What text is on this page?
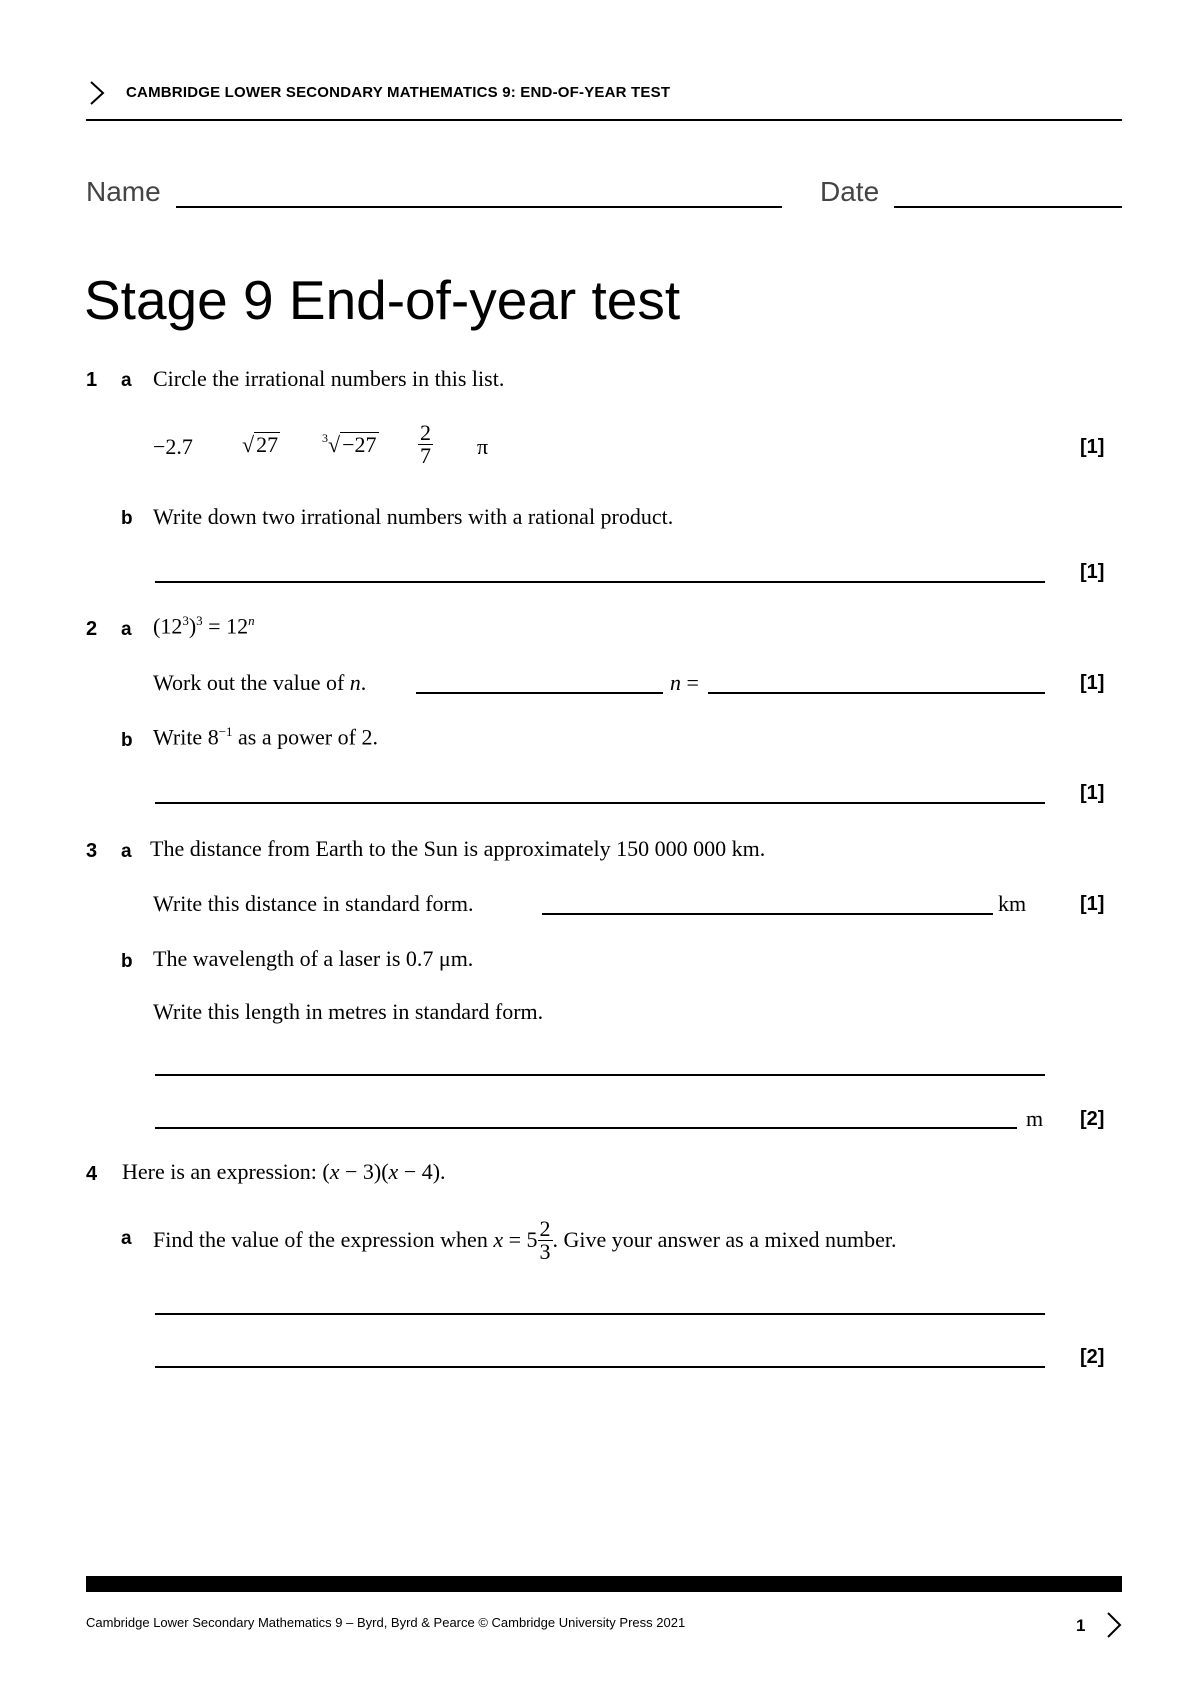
CAMBRIDGE LOWER SECONDARY MATHEMATICS 9: END-OF-YEAR TEST
Name	Date
Stage 9 End-of-year test
1 a Circle the irrational numbers in this list.
−2.7 √27	$^3√-27 \frac{2}{7}$ π	[1]
b Write down two irrational numbers with a rational product.
[1]
2 a $(12^3)^3 = 12^n$
Work out the value of n.	n =	[1]
b Write $8^{-1}$ as a power of 2.
[1]
3 a The distance from Earth to the Sun is approximately 150 000 000 km.
Write this distance in standard form.	km	[1]
b The wavelength of a laser is 0.7 μm.
Write this length in metres in standard form.
m [2]
4 Here is an expression: (x − 3)(x − 4).
a Find the value of the expression when
x
= $5 \frac{2}{3}$ . Give your answer as a mixed number.
[2]
Cambridge Lower Secondary Mathematics 9 – Byrd, Byrd & Pearce © Cambridge University Press 2021	1
